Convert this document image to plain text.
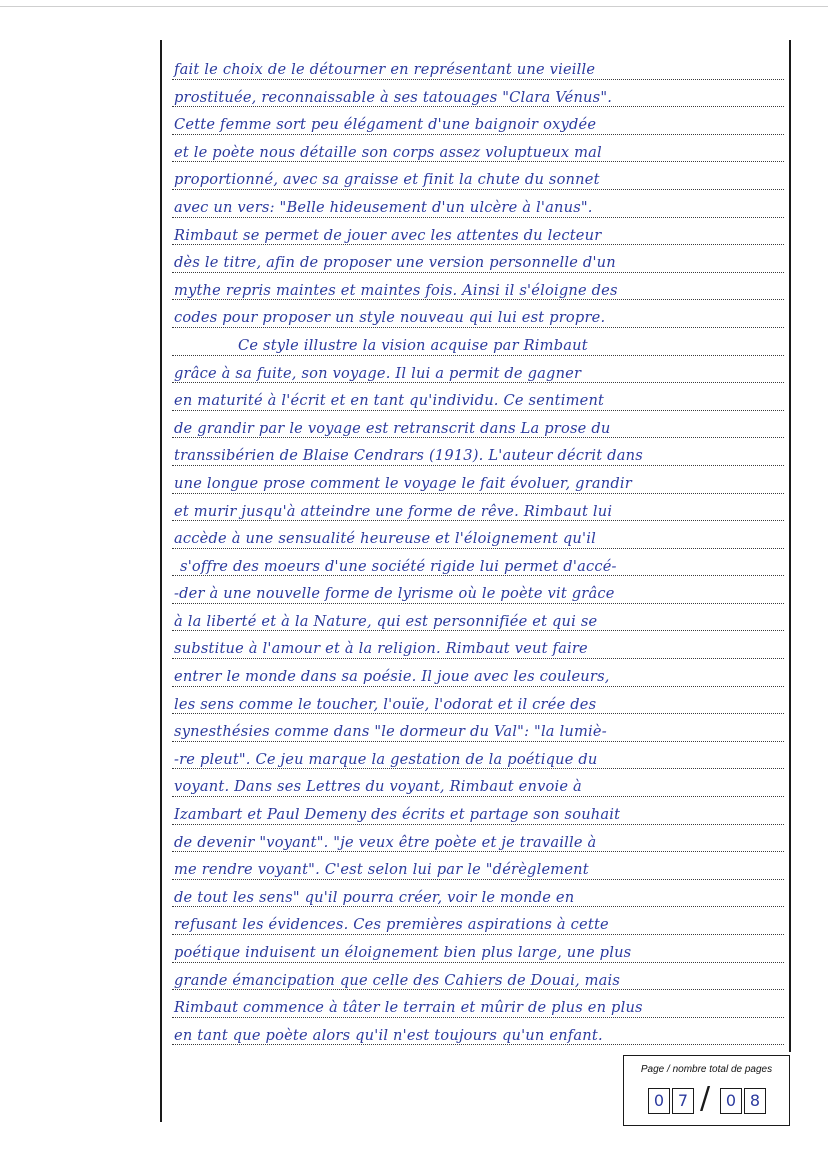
fait le choix de le détourner en représentant une vieille
prostituée, reconnaissable à ses tatouages "Clara Vénus".
Cette femme sort peu élégament d'une baignoir oxydée
et le poète nous détaille son corps assez voluptueux mal
proportionné, avec sa graisse et finit la chute du sonnet
avec un vers: "Belle hideusement d'un ulcère à l'anus".
Rimbaut se permet de jouer avec les attentes du lecteur
dès le titre, afin de proposer une version personnelle d'un
mythe repris maintes et maintes fois. Ainsi il s'éloigne des
codes pour proposer un style nouveau qui lui est propre.
Ce style illustre la vision acquise par Rimbaut
grâce à sa fuite, son voyage. Il lui a permit de gagner
en maturité à l'écrit et en tant qu'individu. Ce sentiment
de grandir par le voyage est retranscrit dans La prose du
transsibérien de Blaise Cendrars (1913). L'auteur décrit dans
une longue prose comment le voyage le fait évoluer, grandir
et murir jusqu'à atteindre une forme de rêve. Rimbaut lui
accède à une sensualité heureuse et l'éloignement qu'il
s'offre des moeurs d'une société rigide lui permet d'accé-
-der à une nouvelle forme de lyrisme où le poète vit grâce
à la liberté et à la Nature, qui est personnifiée et qui se
substitue à l'amour et à la religion. Rimbaut veut faire
entrer le monde dans sa poésie. Il joue avec les couleurs,
les sens comme le toucher, l'ouïe, l'odorat et il crée des
synesthésies comme dans "le dormeur du Val": "la lumiè-
-re pleut". Ce jeu marque la gestation de la poétique du
voyant. Dans ses Lettres du voyant, Rimbaut envoie à
Izambart et Paul Demeny des écrits et partage son souhait
de devenir "voyant". "je veux être poète et je travaille à
me rendre voyant". C'est selon lui par le "dérèglement
de tout les sens" qu'il pourra créer, voir le monde en
refusant les évidences. Ces premières aspirations à cette
poétique induisent un éloignement bien plus large, une plus
grande émancipation que celle des Cahiers de Douai, mais
Rimbaut commence à tâter le terrain et mûrir de plus en plus
en tant que poète alors qu'il n'est toujours qu'un enfant.
Page / nombre total de pages
0 7 / 0 8
